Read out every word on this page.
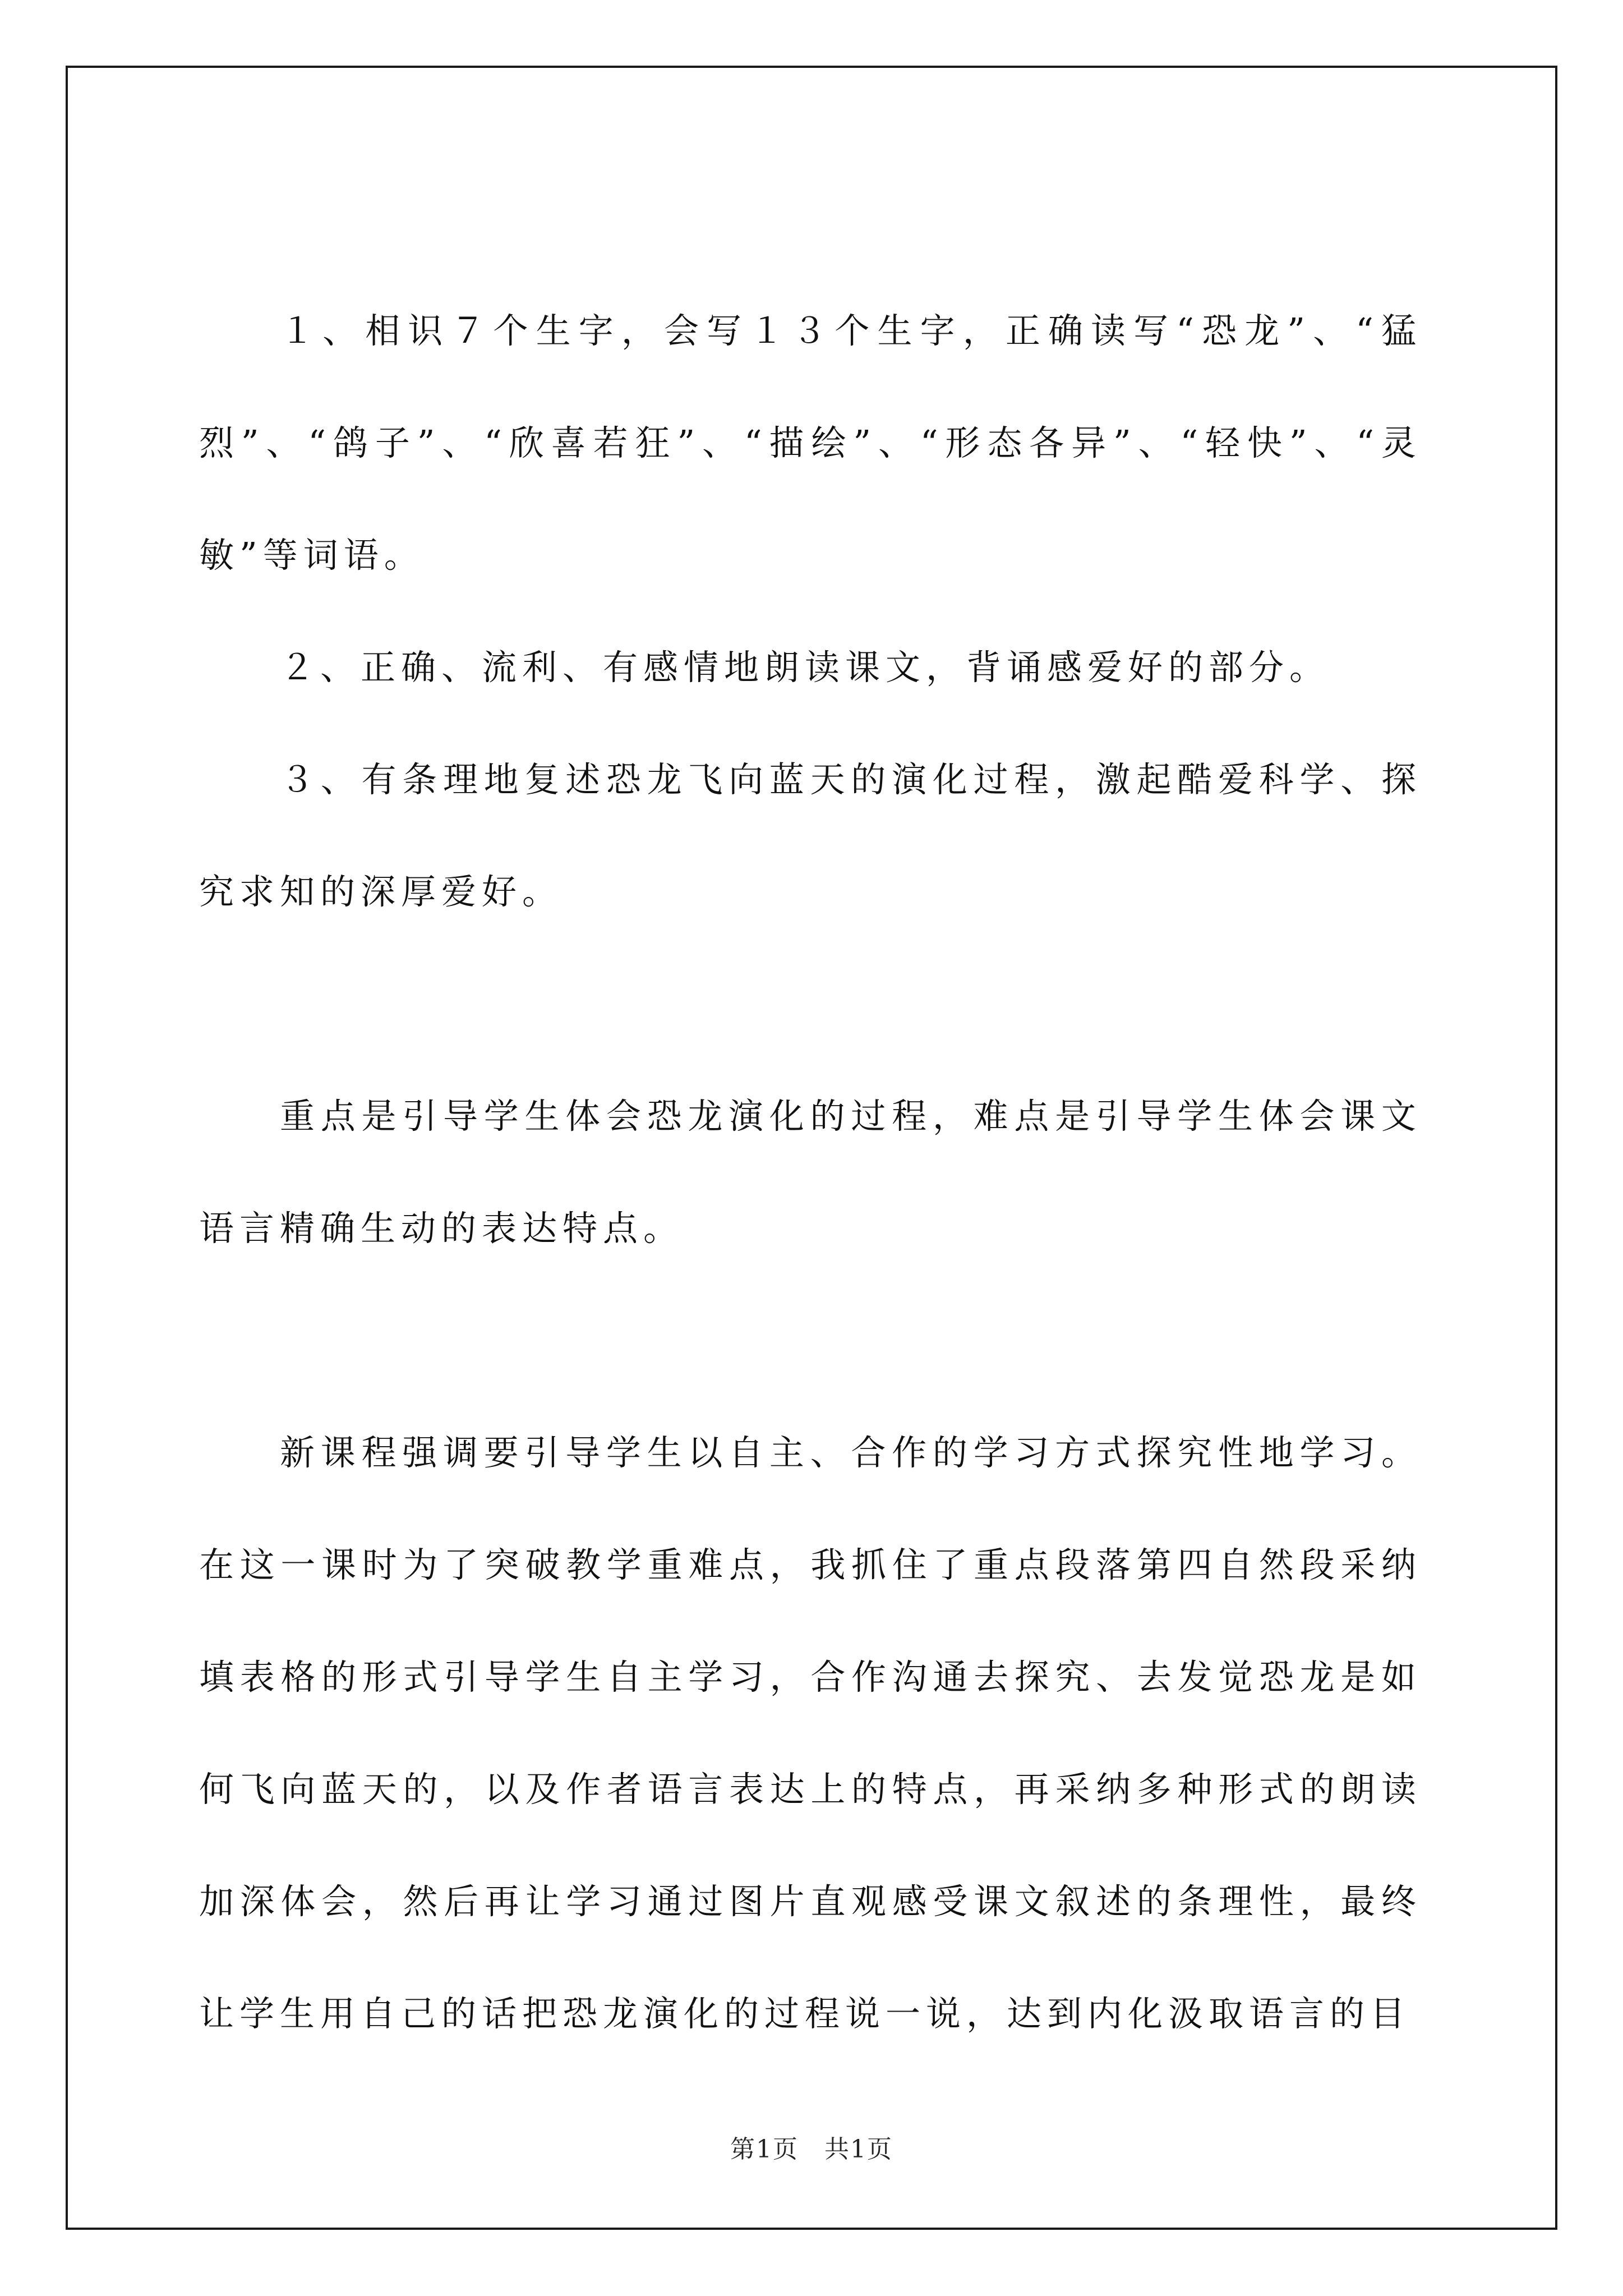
１、相识７个生字，会写１３个生字，正确读写“恐龙”、“猛烈”、“鸽子”、“欣喜若狂”、“描绘”、“形态各异”、“轻快”、“灵敏”等词语。

２、正确、流利、有感情地朗读课文，背诵感爱好的部分。

３、有条理地复述恐龙飞向蓝天的演化过程，激起酷爱科学、探究求知的深厚爱好。

重点是引导学生体会恐龙演化的过程，难点是引导学生体会课文语言精确生动的表达特点。

新课程强调要引导学生以自主、合作的学习方式探究性地学习。在这一课时为了突破教学重难点，我抓住了重点段落第四自然段采纳填表格的形式引导学生自主学习，合作沟通去探究、去发觉恐龙是如何飞向蓝天的，以及作者语言表达上的特点，再采纳多种形式的朗读加深体会，然后再让学习通过图片直观感受课文叙述的条理性，最终让学生用自己的话把恐龙演化的过程说一说，达到内化汲取语言的目

第1页　共1页
